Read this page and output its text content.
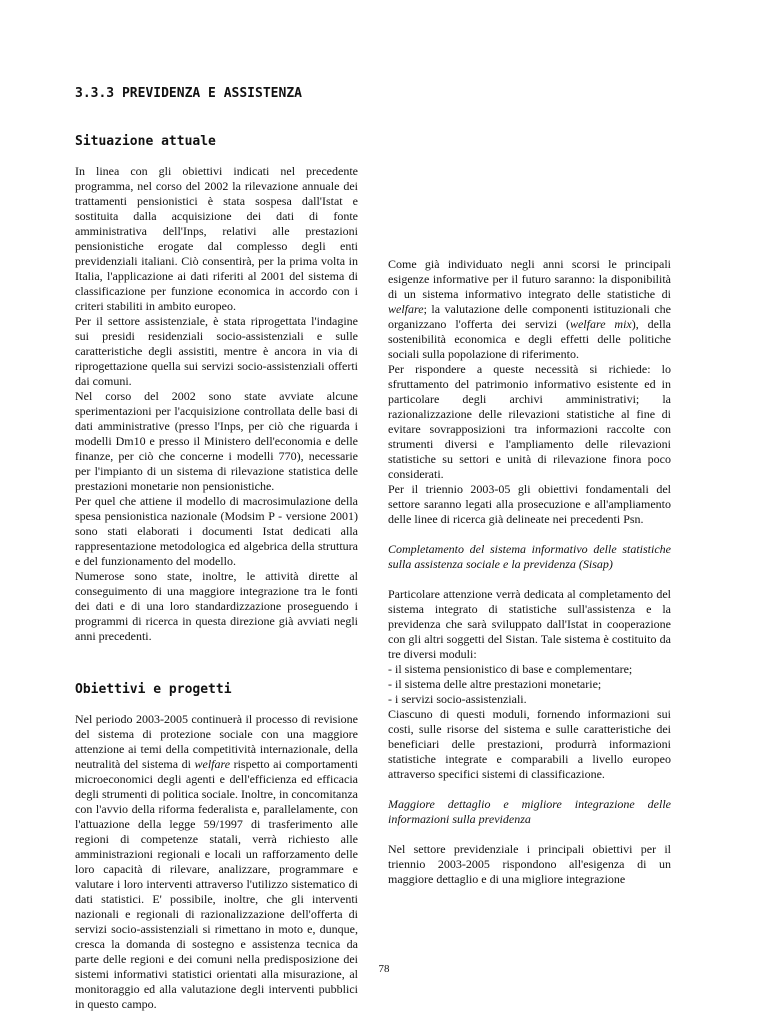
3.3.3 PREVIDENZA E ASSISTENZA
Situazione attuale

In linea con gli obiettivi indicati nel precedente programma, nel corso del 2002 la rilevazione annuale dei trattamenti pensionistici è stata sospesa dall'Istat e sostituita dalla acquisizione dei dati di fonte amministrativa dell'Inps, relativi alle prestazioni pensionistiche erogate dal complesso degli enti previdenziali italiani. Ciò consentirà, per la prima volta in Italia, l'applicazione ai dati riferiti al 2001 del sistema di classificazione per funzione economica in accordo con i criteri stabiliti in ambito europeo.

Per il settore assistenziale, è stata riprogettata l'indagine sui presidi residenziali socio-assistenziali e sulle caratteristiche degli assistiti, mentre è ancora in via di riprogettazione quella sui servizi socio-assistenziali offerti dai comuni.

Nel corso del 2002 sono state avviate alcune sperimentazioni per l'acquisizione controllata delle basi di dati amministrative (presso l'Inps, per ciò che riguarda i modelli Dm10 e presso il Ministero dell'economia e delle finanze, per ciò che concerne i modelli 770), necessarie per l'impianto di un sistema di rilevazione statistica delle prestazioni monetarie non pensionistiche.

Per quel che attiene il modello di macrosimulazione della spesa pensionistica nazionale (Modsim P - versione 2001) sono stati elaborati i documenti Istat dedicati alla rappresentazione metodologica ed algebrica della struttura e del funzionamento del modello.

Numerose sono state, inoltre, le attività dirette al conseguimento di una maggiore integrazione tra le fonti dei dati e di una loro standardizzazione proseguendo i programmi di ricerca in questa direzione già avviati negli anni precedenti.

Obiettivi e progetti

Nel periodo 2003-2005 continuerà il processo di revisione del sistema di protezione sociale con una maggiore attenzione ai temi della competitività internazionale, della neutralità del sistema di welfare rispetto ai comportamenti microeconomici degli agenti e dell'efficienza ed efficacia degli strumenti di politica sociale. Inoltre, in concomitanza con l'avvio della riforma federalista e, parallelamente, con l'attuazione della legge 59/1997 di trasferimento alle regioni di competenze statali, verrà richiesto alle amministrazioni regionali e locali un rafforzamento delle loro capacità di rilevare, analizzare, programmare e valutare i loro interventi attraverso l'utilizzo sistematico di dati statistici. E' possibile, inoltre, che gli interventi nazionali e regionali di razionalizzazione dell'offerta di servizi socio-assistenziali si rimettano in moto e, dunque, cresca la domanda di sostegno e assistenza tecnica da parte delle regioni e dei comuni nella predisposizione dei sistemi informativi statistici orientati alla misurazione, al monitoraggio ed alla valutazione degli interventi pubblici in questo campo.

Come già individuato negli anni scorsi le principali esigenze informative per il futuro saranno: la disponibilità di un sistema informativo integrato delle statistiche di welfare; la valutazione delle componenti istituzionali che organizzano l'offerta dei servizi (welfare mix), della sostenibilità economica e degli effetti delle politiche sociali sulla popolazione di riferimento.

Per rispondere a queste necessità si richiede: lo sfruttamento del patrimonio informativo esistente ed in particolare degli archivi amministrativi; la razionalizzazione delle rilevazioni statistiche al fine di evitare sovrapposizioni tra informazioni raccolte con strumenti diversi e l'ampliamento delle rilevazioni statistiche su settori e unità di rilevazione finora poco considerati.

Per il triennio 2003-05 gli obiettivi fondamentali del settore saranno legati alla prosecuzione e all'ampliamento delle linee di ricerca già delineate nei precedenti Psn.

Completamento del sistema informativo delle statistiche sulla assistenza sociale e la previdenza (Sisap)

Particolare attenzione verrà dedicata al completamento del sistema integrato di statistiche sull'assistenza e la previdenza che sarà sviluppato dall'Istat in cooperazione con gli altri soggetti del Sistan. Tale sistema è costituito da tre diversi moduli:

- il sistema pensionistico di base e complementare;

- il sistema delle altre prestazioni monetarie;

- i servizi socio-assistenziali.

Ciascuno di questi moduli, fornendo informazioni sui costi, sulle risorse del sistema e sulle caratteristiche dei beneficiari delle prestazioni, produrrà informazioni statistiche integrate e comparabili a livello europeo attraverso specifici sistemi di classificazione.

Maggiore dettaglio e migliore integrazione delle informazioni sulla previdenza

Nel settore previdenziale i principali obiettivi per il triennio 2003-2005 rispondono all'esigenza di un maggiore dettaglio e di una migliore integrazione

78
